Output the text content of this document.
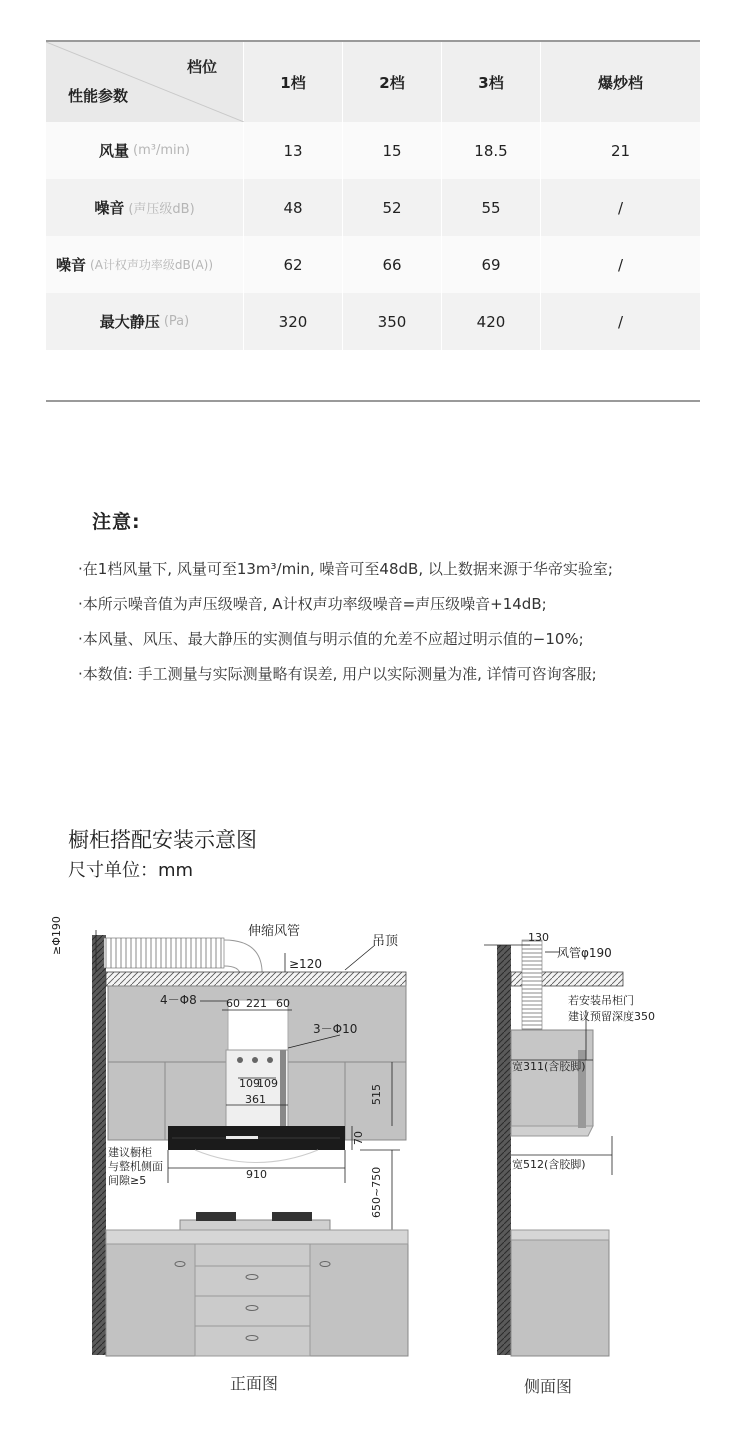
档位
性能参数
1档	2档	3档	爆炒档
风量 (m³/min)	13	15	18.5	21
噪音 (声压级dB)	48	52	55	/
噪音 (A计权声功率级dB(A))	62	66	69	/
最大静压 (Pa)	320	350	420	/
注意:
·在1档风量下, 风量可至13m³/min, 噪音可至48dB, 以上数据来源于华帝实验室;
·本所示噪音值为声压级噪音, A计权声功率级噪音=声压级噪音+14dB;
·本风量、风压、最大静压的实测值与明示值的允差不应超过明示值的−10%;
·本数值: 手工测量与实际测量略有误差, 用户以实际测量为准, 详情可咨询客服;
橱柜搭配安装示意图
尺寸单位：mm
≥Φ190	伸缩风管
吊顶
≥120
4－Φ8	60 221 60
3－Φ10
109
109
361	515
70
910	650~750
建议橱柜
与整机侧面
间隙≥5
130
风管φ190
若安装吊柜门
建议预留深度350
宽311(含胶脚)
宽512(含胶脚)
正面图	侧面图
